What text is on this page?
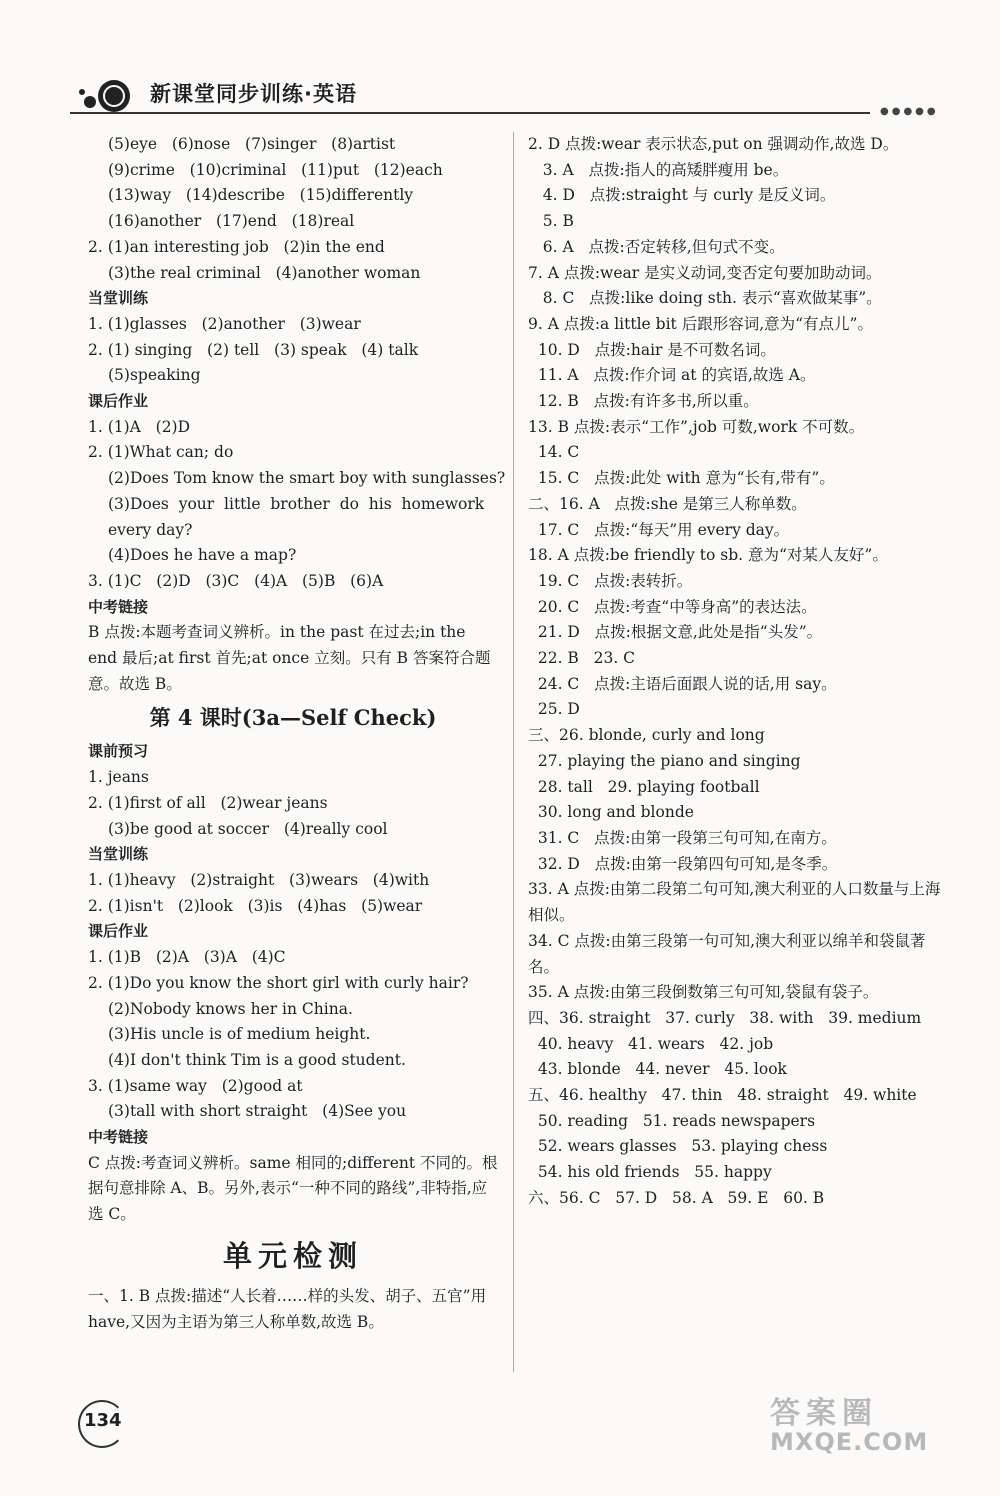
新课堂同步训练·英语
●●●●●
(5)eye   (6)nose   (7)singer   (8)artist
(9)crime   (10)criminal   (11)put   (12)each
(13)way   (14)describe   (15)differently
(16)another   (17)end   (18)real
2. (1)an interesting job   (2)in the end
(3)the real criminal   (4)another woman
当堂训练
1. (1)glasses   (2)another   (3)wear
2. (1) singing   (2) tell   (3) speak   (4) talk
(5)speaking
课后作业
1. (1)A   (2)D
2. (1)What can; do
(2)Does Tom know the smart boy with sunglasses?
(3)Does  your  little  brother  do  his  homework
every day?
(4)Does he have a map?
3. (1)C   (2)D   (3)C   (4)A   (5)B   (6)A
中考链接
B 点拨:本题考查词义辨析。in the past 在过去;in the end 最后;at first 首先;at once 立刻。只有 B 答案符合题意。故选 B。
第 4 课时(3a—Self Check)
课前预习
1. jeans
2. (1)first of all   (2)wear jeans
(3)be good at soccer   (4)really cool
当堂训练
1. (1)heavy   (2)straight   (3)wears   (4)with
2. (1)isn't   (2)look   (3)is   (4)has   (5)wear
课后作业
1. (1)B   (2)A   (3)A   (4)C
2. (1)Do you know the short girl with curly hair?
(2)Nobody knows her in China.
(3)His uncle is of medium height.
(4)I don't think Tim is a good student.
3. (1)same way   (2)good at
(3)tall with short straight   (4)See you
中考链接
C 点拨:考查词义辨析。same 相同的;different 不同的。根据句意排除 A、B。另外,表示“一种不同的路线”,非特指,应选 C。
单元检测
一、1. B 点拨:描述“人长着……样的头发、胡子、五官”用 have,又因为主语为第三人称单数,故选 B。
2. D 点拨:wear 表示状态,put on 强调动作,故选 D。
3. A   点拨:指人的高矮胖瘦用 be。
4. D   点拨:straight 与 curly 是反义词。
5. B
6. A   点拨:否定转移,但句式不变。
7. A 点拨:wear 是实义动词,变否定句要加助动词。
8. C   点拨:like doing sth. 表示“喜欢做某事”。
9. A 点拨:a little bit 后跟形容词,意为“有点儿”。
10. D   点拨:hair 是不可数名词。
11. A   点拨:作介词 at 的宾语,故选 A。
12. B   点拨:有许多书,所以重。
13. B 点拨:表示“工作”,job 可数,work 不可数。
14. C
15. C   点拨:此处 with 意为“长有,带有”。
二、16. A   点拨:she 是第三人称单数。
17. C   点拨:“每天”用 every day。
18. A 点拨:be friendly to sb. 意为“对某人友好”。
19. C   点拨:表转折。
20. C   点拨:考查“中等身高”的表达法。
21. D   点拨:根据文意,此处是指“头发”。
22. B   23. C
24. C   点拨:主语后面跟人说的话,用 say。
25. D
三、26. blonde, curly and long
27. playing the piano and singing
28. tall   29. playing football
30. long and blonde
31. C   点拨:由第一段第三句可知,在南方。
32. D   点拨:由第一段第四句可知,是冬季。
33. A 点拨:由第二段第二句可知,澳大利亚的人口数量与上海相似。
34. C 点拨:由第三段第一句可知,澳大利亚以绵羊和袋鼠著名。
35. A 点拨:由第三段倒数第三句可知,袋鼠有袋子。
四、36. straight   37. curly   38. with   39. medium
40. heavy   41. wears   42. job
43. blonde   44. never   45. look
五、46. healthy   47. thin   48. straight   49. white
50. reading   51. reads newspapers
52. wears glasses   53. playing chess
54. his old friends   55. happy
六、56. C   57. D   58. A   59. E   60. B
134	答案圈
MXQE.COM
